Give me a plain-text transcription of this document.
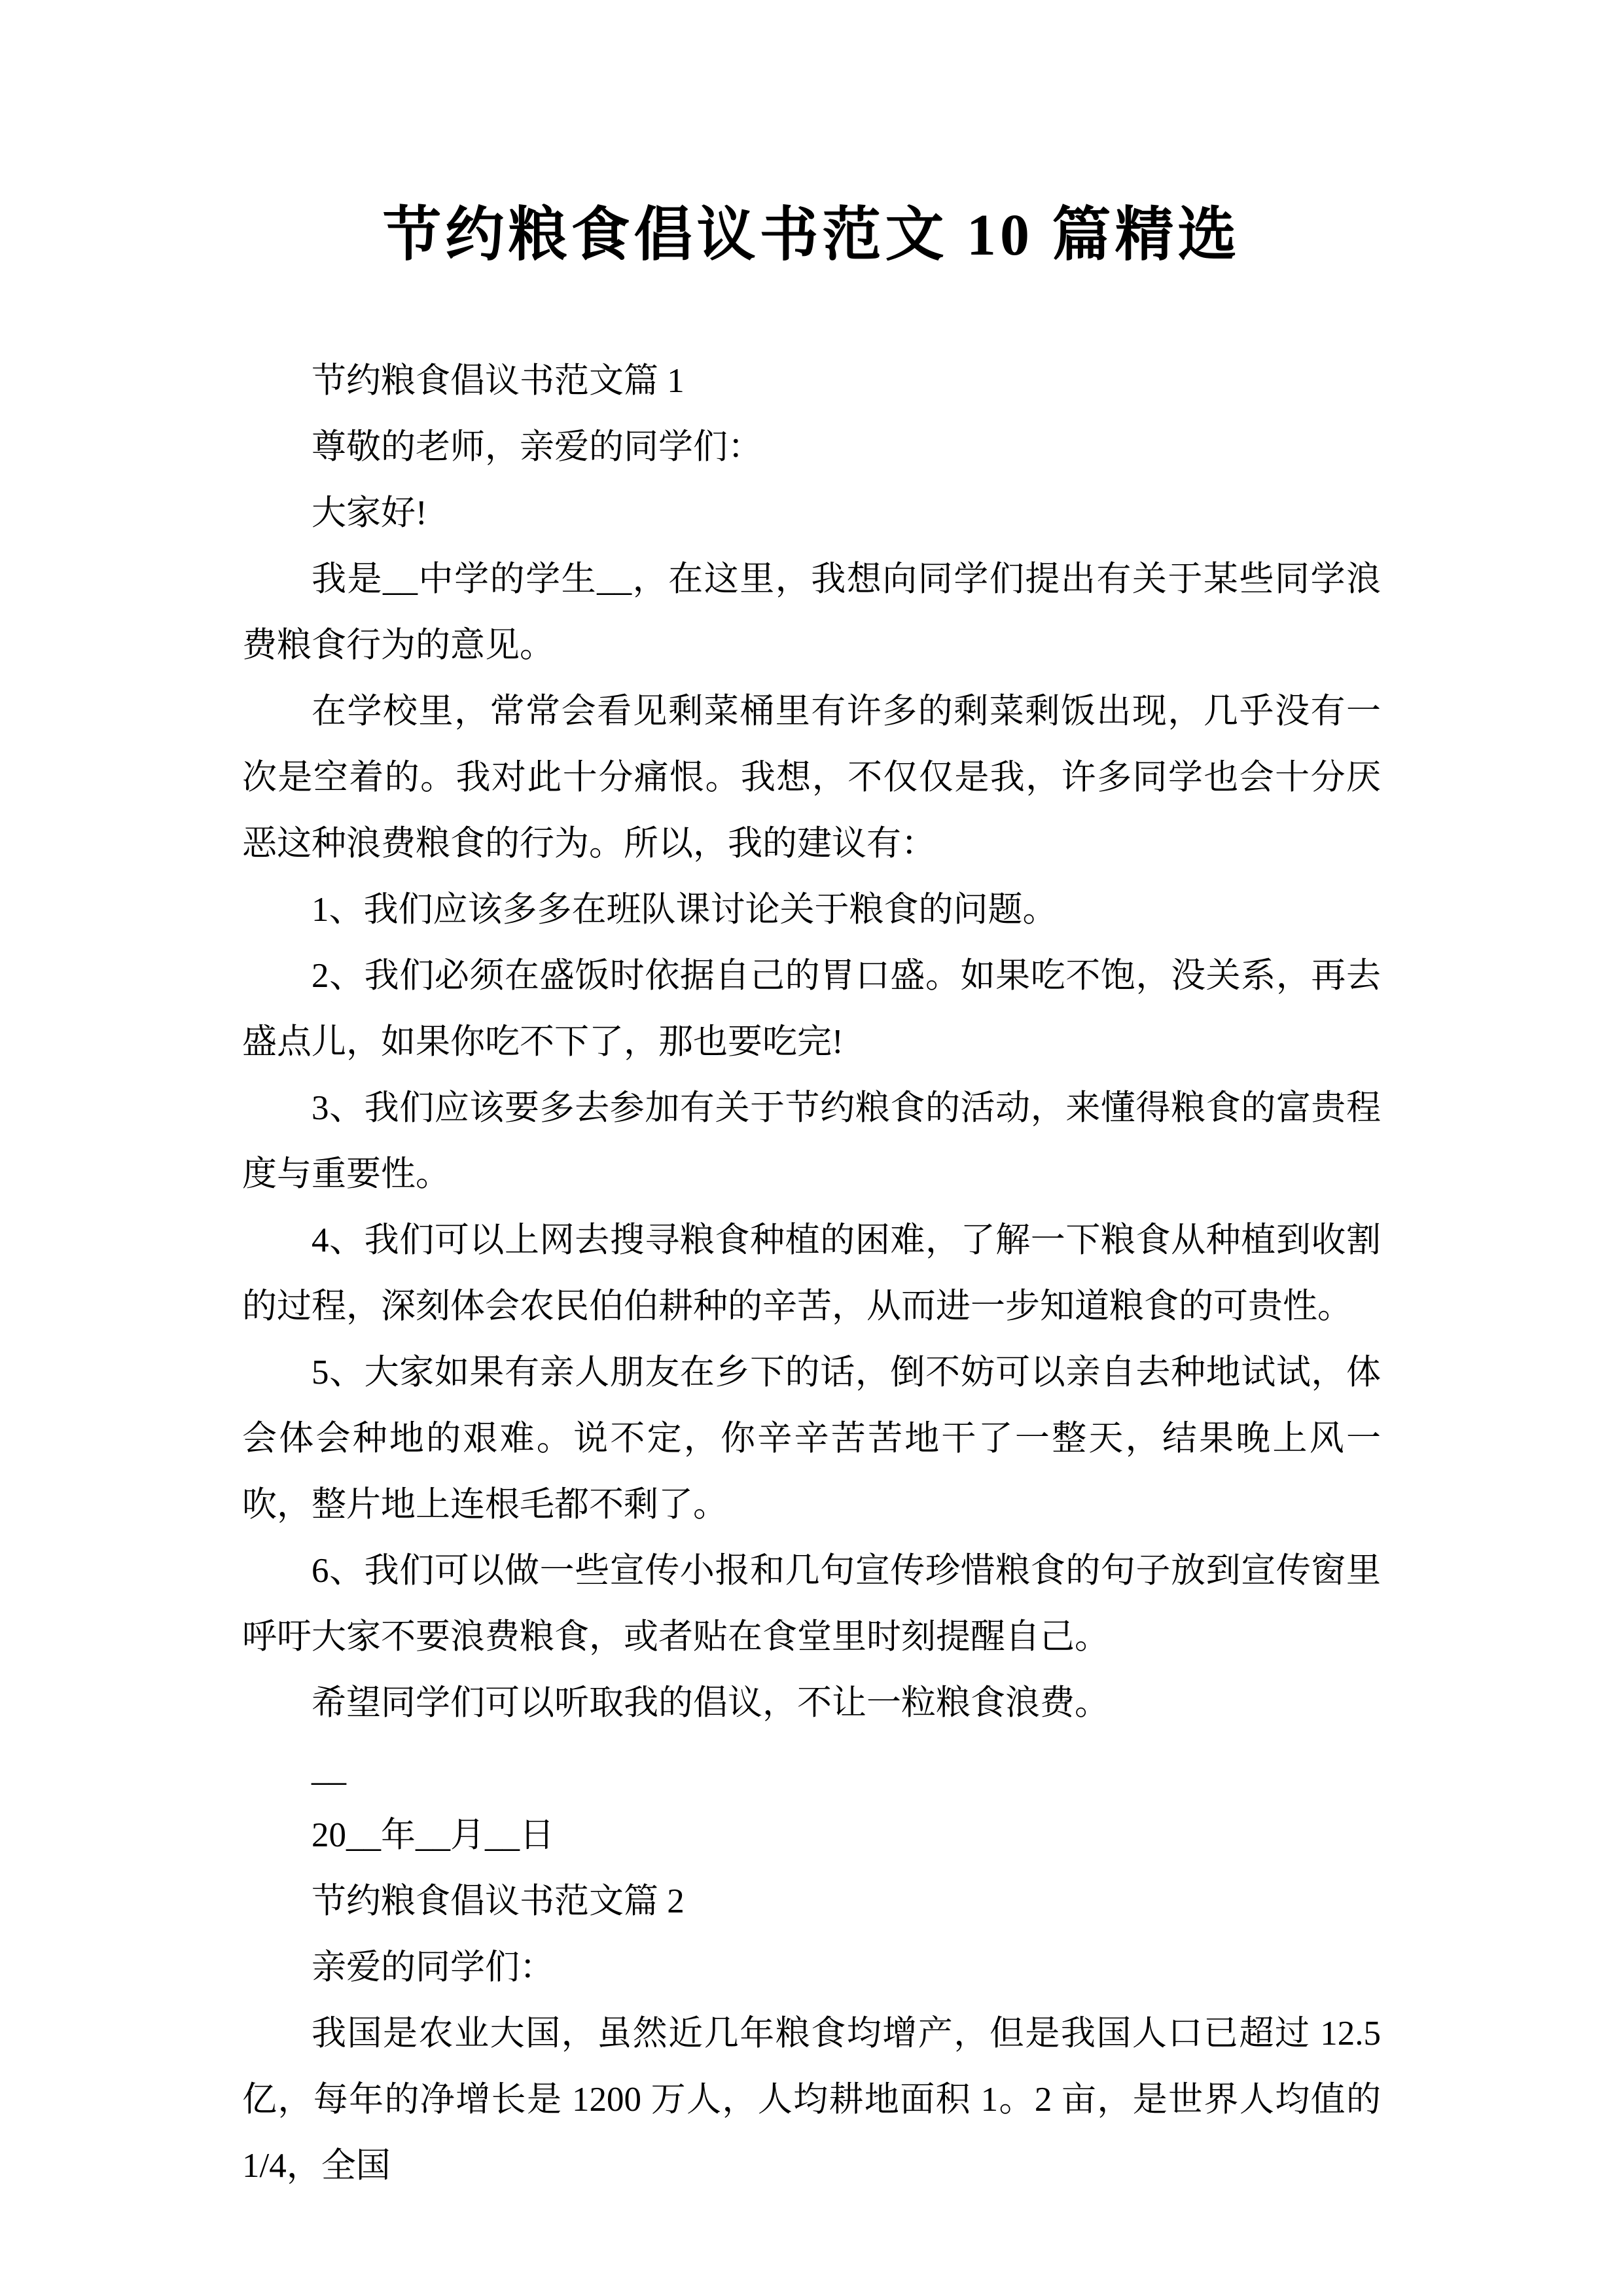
节约粮食倡议书范文 10 篇精选

节约粮食倡议书范文篇 1

尊敬的老师，亲爱的同学们：

大家好!

我是__中学的学生__，在这里，我想向同学们提出有关于某些同学浪费粮食行为的意见。

在学校里，常常会看见剩菜桶里有许多的剩菜剩饭出现，几乎没有一次是空着的。我对此十分痛恨。我想，不仅仅是我，许多同学也会十分厌恶这种浪费粮食的行为。所以，我的建议有：

1、我们应该多多在班队课讨论关于粮食的问题。

2、我们必须在盛饭时依据自己的胃口盛。如果吃不饱，没关系，再去盛点儿，如果你吃不下了，那也要吃完!

3、我们应该要多去参加有关于节约粮食的活动，来懂得粮食的富贵程度与重要性。

4、我们可以上网去搜寻粮食种植的困难，了解一下粮食从种植到收割的过程，深刻体会农民伯伯耕种的辛苦，从而进一步知道粮食的可贵性。

5、大家如果有亲人朋友在乡下的话，倒不妨可以亲自去种地试试，体会体会种地的艰难。说不定，你辛辛苦苦地干了一整天，结果晚上风一吹，整片地上连根毛都不剩了。

6、我们可以做一些宣传小报和几句宣传珍惜粮食的句子放到宣传窗里呼吁大家不要浪费粮食，或者贴在食堂里时刻提醒自己。

希望同学们可以听取我的倡议，不让一粒粮食浪费。

__

20__年__月__日

节约粮食倡议书范文篇 2

亲爱的同学们：

我国是农业大国，虽然近几年粮食均增产，但是我国人口已超过 12.5 亿，每年的净增长是 1200 万人，人均耕地面积 1。2 亩，是世界人均值的 1/4，全国
